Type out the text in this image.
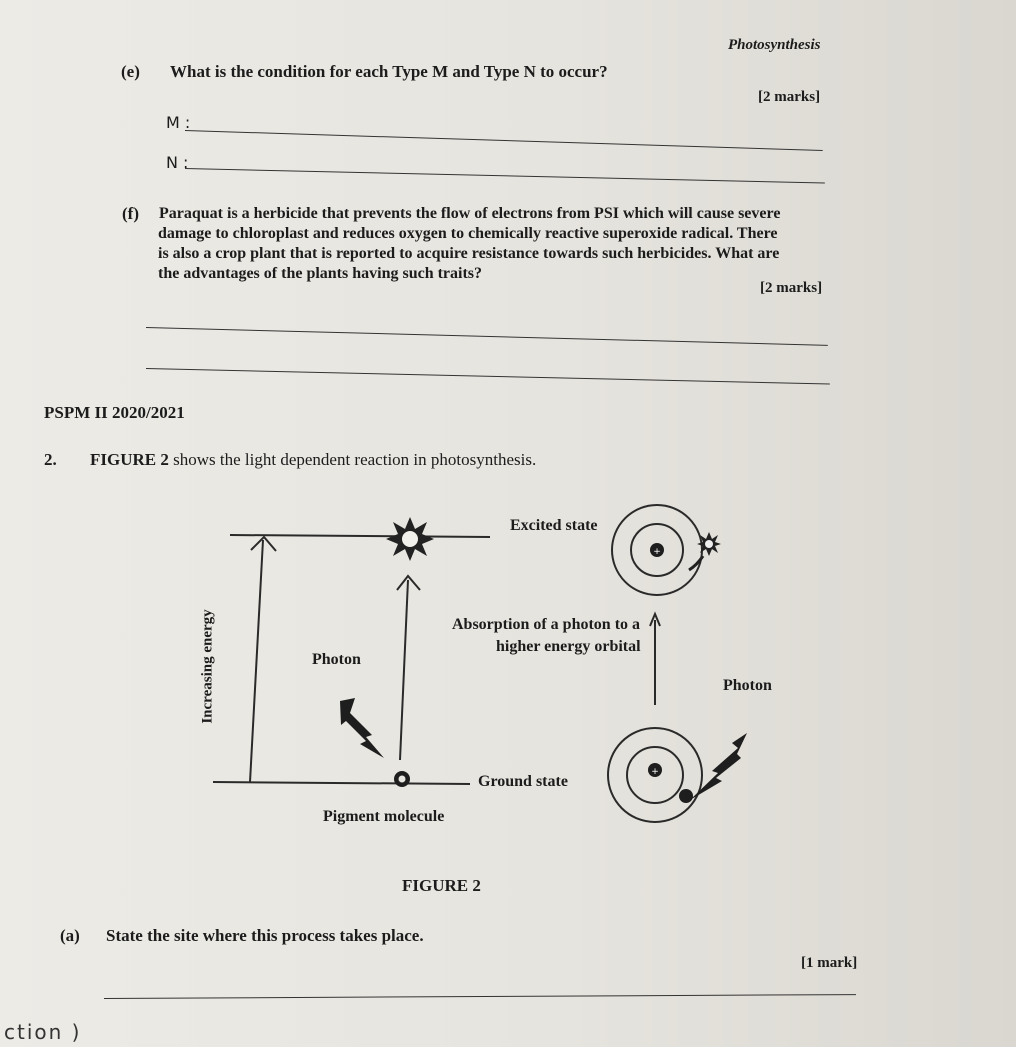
Photosynthesis
(e) What is the condition for each Type M and Type N to occur?
[2 marks]
M :
N :
(f) Paraquat is a herbicide that prevents the flow of electrons from PSI which will cause severe
damage to chloroplast and reduces oxygen to chemically reactive superoxide radical. There
is also a crop plant that is reported to acquire resistance towards such herbicides. What are
the advantages of the plants having such traits?
[2 marks]
PSPM II 2020/2021
2. FIGURE 2 shows the light dependent reaction in photosynthesis.
+
+
Excited state
Absorption of a photon to a
higher energy orbital
Photon
Photon
Ground state
Pigment molecule
Increasing energy
FIGURE 2
(a) State the site where this process takes place.
[1 mark]
ction )
